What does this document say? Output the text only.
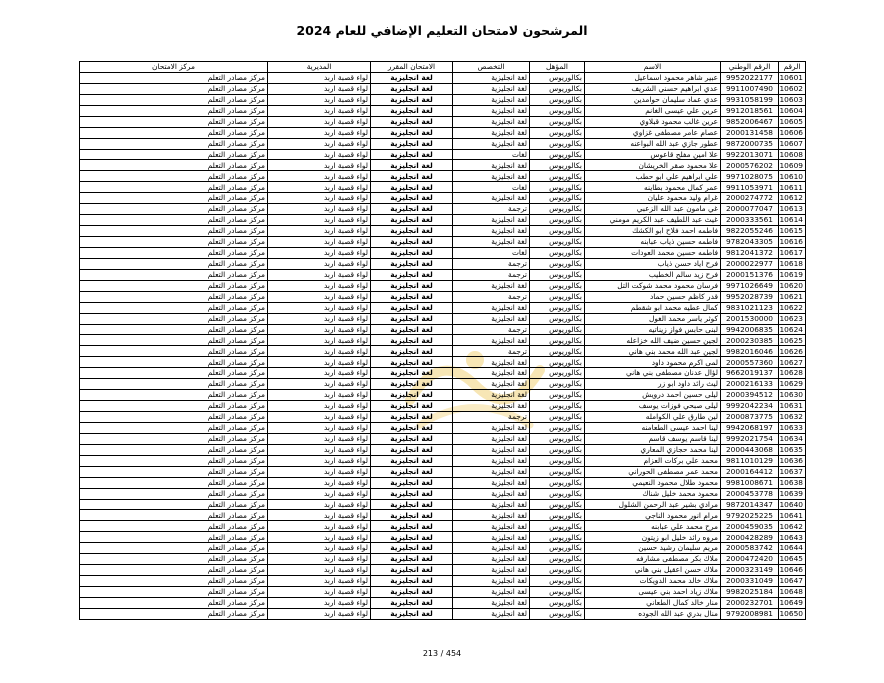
المرشحون لامتحان التعليم الإضافي للعام 2024
الرقم	الرقم الوطني	الاسم	المؤهل	التخصص	الامتحان المقرر	المديرية	مركز الامتحان
10601	9952022177	عبير شاهر محمود اسماعيل	بكالوريوس	لغة انجليزية	لغة انجليزية	لواء قصبة اربد	مركز مصادر التعلم
10602	9911007490	عدي ابراهيم حسني الشريف	بكالوريوس	لغة انجليزية	لغة انجليزية	لواء قصبة اربد	مركز مصادر التعلم
10603	9931058199	عدي عماد سليمان حوامدين	بكالوريوس	لغة انجليزية	لغة انجليزية	لواء قصبة اربد	مركز مصادر التعلم
10604	9912018561	عرين علي عيسى الغانم	بكالوريوس	لغة انجليزية	لغة انجليزية	لواء قصبة اربد	مركز مصادر التعلم
10605	9852006467	عرين غالب محمود قبلاوي	بكالوريوس	لغة انجليزية	لغة انجليزية	لواء قصبة اربد	مركز مصادر التعلم
10606	2000131458	عصام عامر مصطفى غزاوي	بكالوريوس	لغة انجليزية	لغة انجليزية	لواء قصبة اربد	مركز مصادر التعلم
10607	9872000735	عطور جازي عبد الله البواعنه	بكالوريوس	لغة انجليزية	لغة انجليزية	لواء قصبة اربد	مركز مصادر التعلم
10608	9922013071	علا امين مفلح قاعوس	بكالوريوس	لغات	لغة انجليزية	لواء قصبة اربد	مركز مصادر التعلم
10609	2000576202	علا محمود صقر الخريشان	بكالوريوس	لغة انجليزية	لغة انجليزية	لواء قصبة اربد	مركز مصادر التعلم
10610	9971028075	علي ابراهيم علي ابو حطب	بكالوريوس	لغة انجليزية	لغة انجليزية	لواء قصبة اربد	مركز مصادر التعلم
10611	9911053971	عمر كمال محمود بطاينه	بكالوريوس	لغات	لغة انجليزية	لواء قصبة اربد	مركز مصادر التعلم
10612	2000274772	غرام وليد محمود عليان	بكالوريوس	لغة انجليزية	لغة انجليزية	لواء قصبة اربد	مركز مصادر التعلم
10613	2000077047	غي مامون عبد الله الزعبي	بكالوريوس	ترجمة	لغة انجليزية	لواء قصبة اربد	مركز مصادر التعلم
10614	2000333561	غيث عبد اللطيف عبد الكريم مومني	بكالوريوس	لغة انجليزية	لغة انجليزية	لواء قصبة اربد	مركز مصادر التعلم
10615	9822055246	فاطمه احمد فلاح ابو الكشك	بكالوريوس	لغة انجليزية	لغة انجليزية	لواء قصبة اربد	مركز مصادر التعلم
10616	9782043305	فاطمه حسين ذياب عبابنه	بكالوريوس	لغة انجليزية	لغة انجليزية	لواء قصبة اربد	مركز مصادر التعلم
10617	9812041372	فاطمه حسين محمد العودات	بكالوريوس	لغات	لغة انجليزية	لواء قصبة اربد	مركز مصادر التعلم
10618	2000022977	فرح اياد حسن ذياب	بكالوريوس	ترجمة	لغة انجليزية	لواء قصبة اربد	مركز مصادر التعلم
10619	2000151376	فرح زيد سالم الخطيب	بكالوريوس	ترجمة	لغة انجليزية	لواء قصبة اربد	مركز مصادر التعلم
10620	9971026649	فرسان محمود محمد شوكت التل	بكالوريوس	لغة انجليزية	لغة انجليزية	لواء قصبة اربد	مركز مصادر التعلم
10621	9952028739	قدر كاظم حسين حماد	بكالوريوس	ترجمة	لغة انجليزية	لواء قصبة اربد	مركز مصادر التعلم
10622	9831021123	كمال عطيه محمد ابو شقطم	بكالوريوس	لغة انجليزية	لغة انجليزية	لواء قصبة اربد	مركز مصادر التعلم
10623	2001530000	كوثر ياسر محمد الغول	بكالوريوس	لغة انجليزية	لغة انجليزية	لواء قصبة اربد	مركز مصادر التعلم
10624	9942006835	لبنى حابس فواز زيناتيه	بكالوريوس	ترجمة	لغة انجليزية	لواء قصبة اربد	مركز مصادر التعلم
10625	2000230385	لجين حسين ضيف الله خزاعله	بكالوريوس	لغة انجليزية	لغة انجليزية	لواء قصبة اربد	مركز مصادر التعلم
10626	9982016046	لجين عبد الله محمد بني هاني	بكالوريوس	ترجمة	لغة انجليزية	لواء قصبة اربد	مركز مصادر التعلم
10627	2000557360	لمى اكرم محمود داود	بكالوريوس	لغة انجليزية	لغة انجليزية	لواء قصبة اربد	مركز مصادر التعلم
10628	9662019137	لؤال عدنان مصطفى بني هاني	بكالوريوس	لغة انجليزية	لغة انجليزية	لواء قصبة اربد	مركز مصادر التعلم
10629	2000216133	ليث رائد داود ابو زر	بكالوريوس	لغة انجليزية	لغة انجليزية	لواء قصبة اربد	مركز مصادر التعلم
10630	2000394512	ليلى حسين احمد درويش	بكالوريوس	لغة انجليزية	لغة انجليزية	لواء قصبة اربد	مركز مصادر التعلم
10631	9992042234	ليلى صبحي فوزات يوسف	بكالوريوس	لغة انجليزية	لغة انجليزية	لواء قصبة اربد	مركز مصادر التعلم
10632	2000873775	لين طارق علي الكوامله	بكالوريوس	ترجمة	لغة انجليزية	لواء قصبة اربد	مركز مصادر التعلم
10633	9942068197	لينا احمد عيسى الطعامنه	بكالوريوس	لغة انجليزية	لغة انجليزية	لواء قصبة اربد	مركز مصادر التعلم
10634	9992021754	لينا قاسم يوسف قاسم	بكالوريوس	لغة انجليزية	لغة انجليزية	لواء قصبة اربد	مركز مصادر التعلم
10635	2000443068	لينا محمد حجازي المعاري	بكالوريوس	لغة انجليزية	لغة انجليزية	لواء قصبة اربد	مركز مصادر التعلم
10636	9811010129	محمد علي بركات العزام	بكالوريوس	لغة انجليزية	لغة انجليزية	لواء قصبة اربد	مركز مصادر التعلم
10637	2000164412	محمد عمر مصطفى الحوراني	بكالوريوس	لغة انجليزية	لغة انجليزية	لواء قصبة اربد	مركز مصادر التعلم
10638	9981008671	محمود طلال محمود النعيمي	بكالوريوس	لغة انجليزية	لغة انجليزية	لواء قصبة اربد	مركز مصادر التعلم
10639	2000453778	محمود محمد خليل شناك	بكالوريوس	لغة انجليزية	لغة انجليزية	لواء قصبة اربد	مركز مصادر التعلم
10640	9872014347	مرادي بشير عبد الرحمن الشلول	بكالوريوس	لغة انجليزية	لغة انجليزية	لواء قصبة اربد	مركز مصادر التعلم
10641	9792025225	مرام انور محمود الناجي	بكالوريوس	لغة انجليزية	لغة انجليزية	لواء قصبة اربد	مركز مصادر التعلم
10642	2000459035	مرح محمد علي عبابنه	بكالوريوس	لغة انجليزية	لغة انجليزية	لواء قصبة اربد	مركز مصادر التعلم
10643	2000428289	مروه رائد خليل ابو زيتون	بكالوريوس	لغة انجليزية	لغة انجليزية	لواء قصبة اربد	مركز مصادر التعلم
10644	2000583742	مريم سليمان رشيد حسين	بكالوريوس	لغة انجليزية	لغة انجليزية	لواء قصبة اربد	مركز مصادر التعلم
10645	2000472420	ملاك بكر مصطفى مشارفه	بكالوريوس	لغة انجليزية	لغة انجليزية	لواء قصبة اربد	مركز مصادر التعلم
10646	2000323149	ملاك حسن اعقيل بني هاني	بكالوريوس	لغة انجليزية	لغة انجليزية	لواء قصبة اربد	مركز مصادر التعلم
10647	2000331049	ملاك خالد محمد الدويكات	بكالوريوس	لغة انجليزية	لغة انجليزية	لواء قصبة اربد	مركز مصادر التعلم
10648	9982025184	ملاك زياد احمد بني عيسى	بكالوريوس	لغة انجليزية	لغة انجليزية	لواء قصبة اربد	مركز مصادر التعلم
10649	2000232701	منار خالد كمال الطعاني	بكالوريوس	لغة انجليزية	لغة انجليزية	لواء قصبة اربد	مركز مصادر التعلم
10650	9792008981	منال بدري عبد الله الجوده	بكالوريوس	لغة انجليزية	لغة انجليزية	لواء قصبة اربد	مركز مصادر التعلم
213 / 454
